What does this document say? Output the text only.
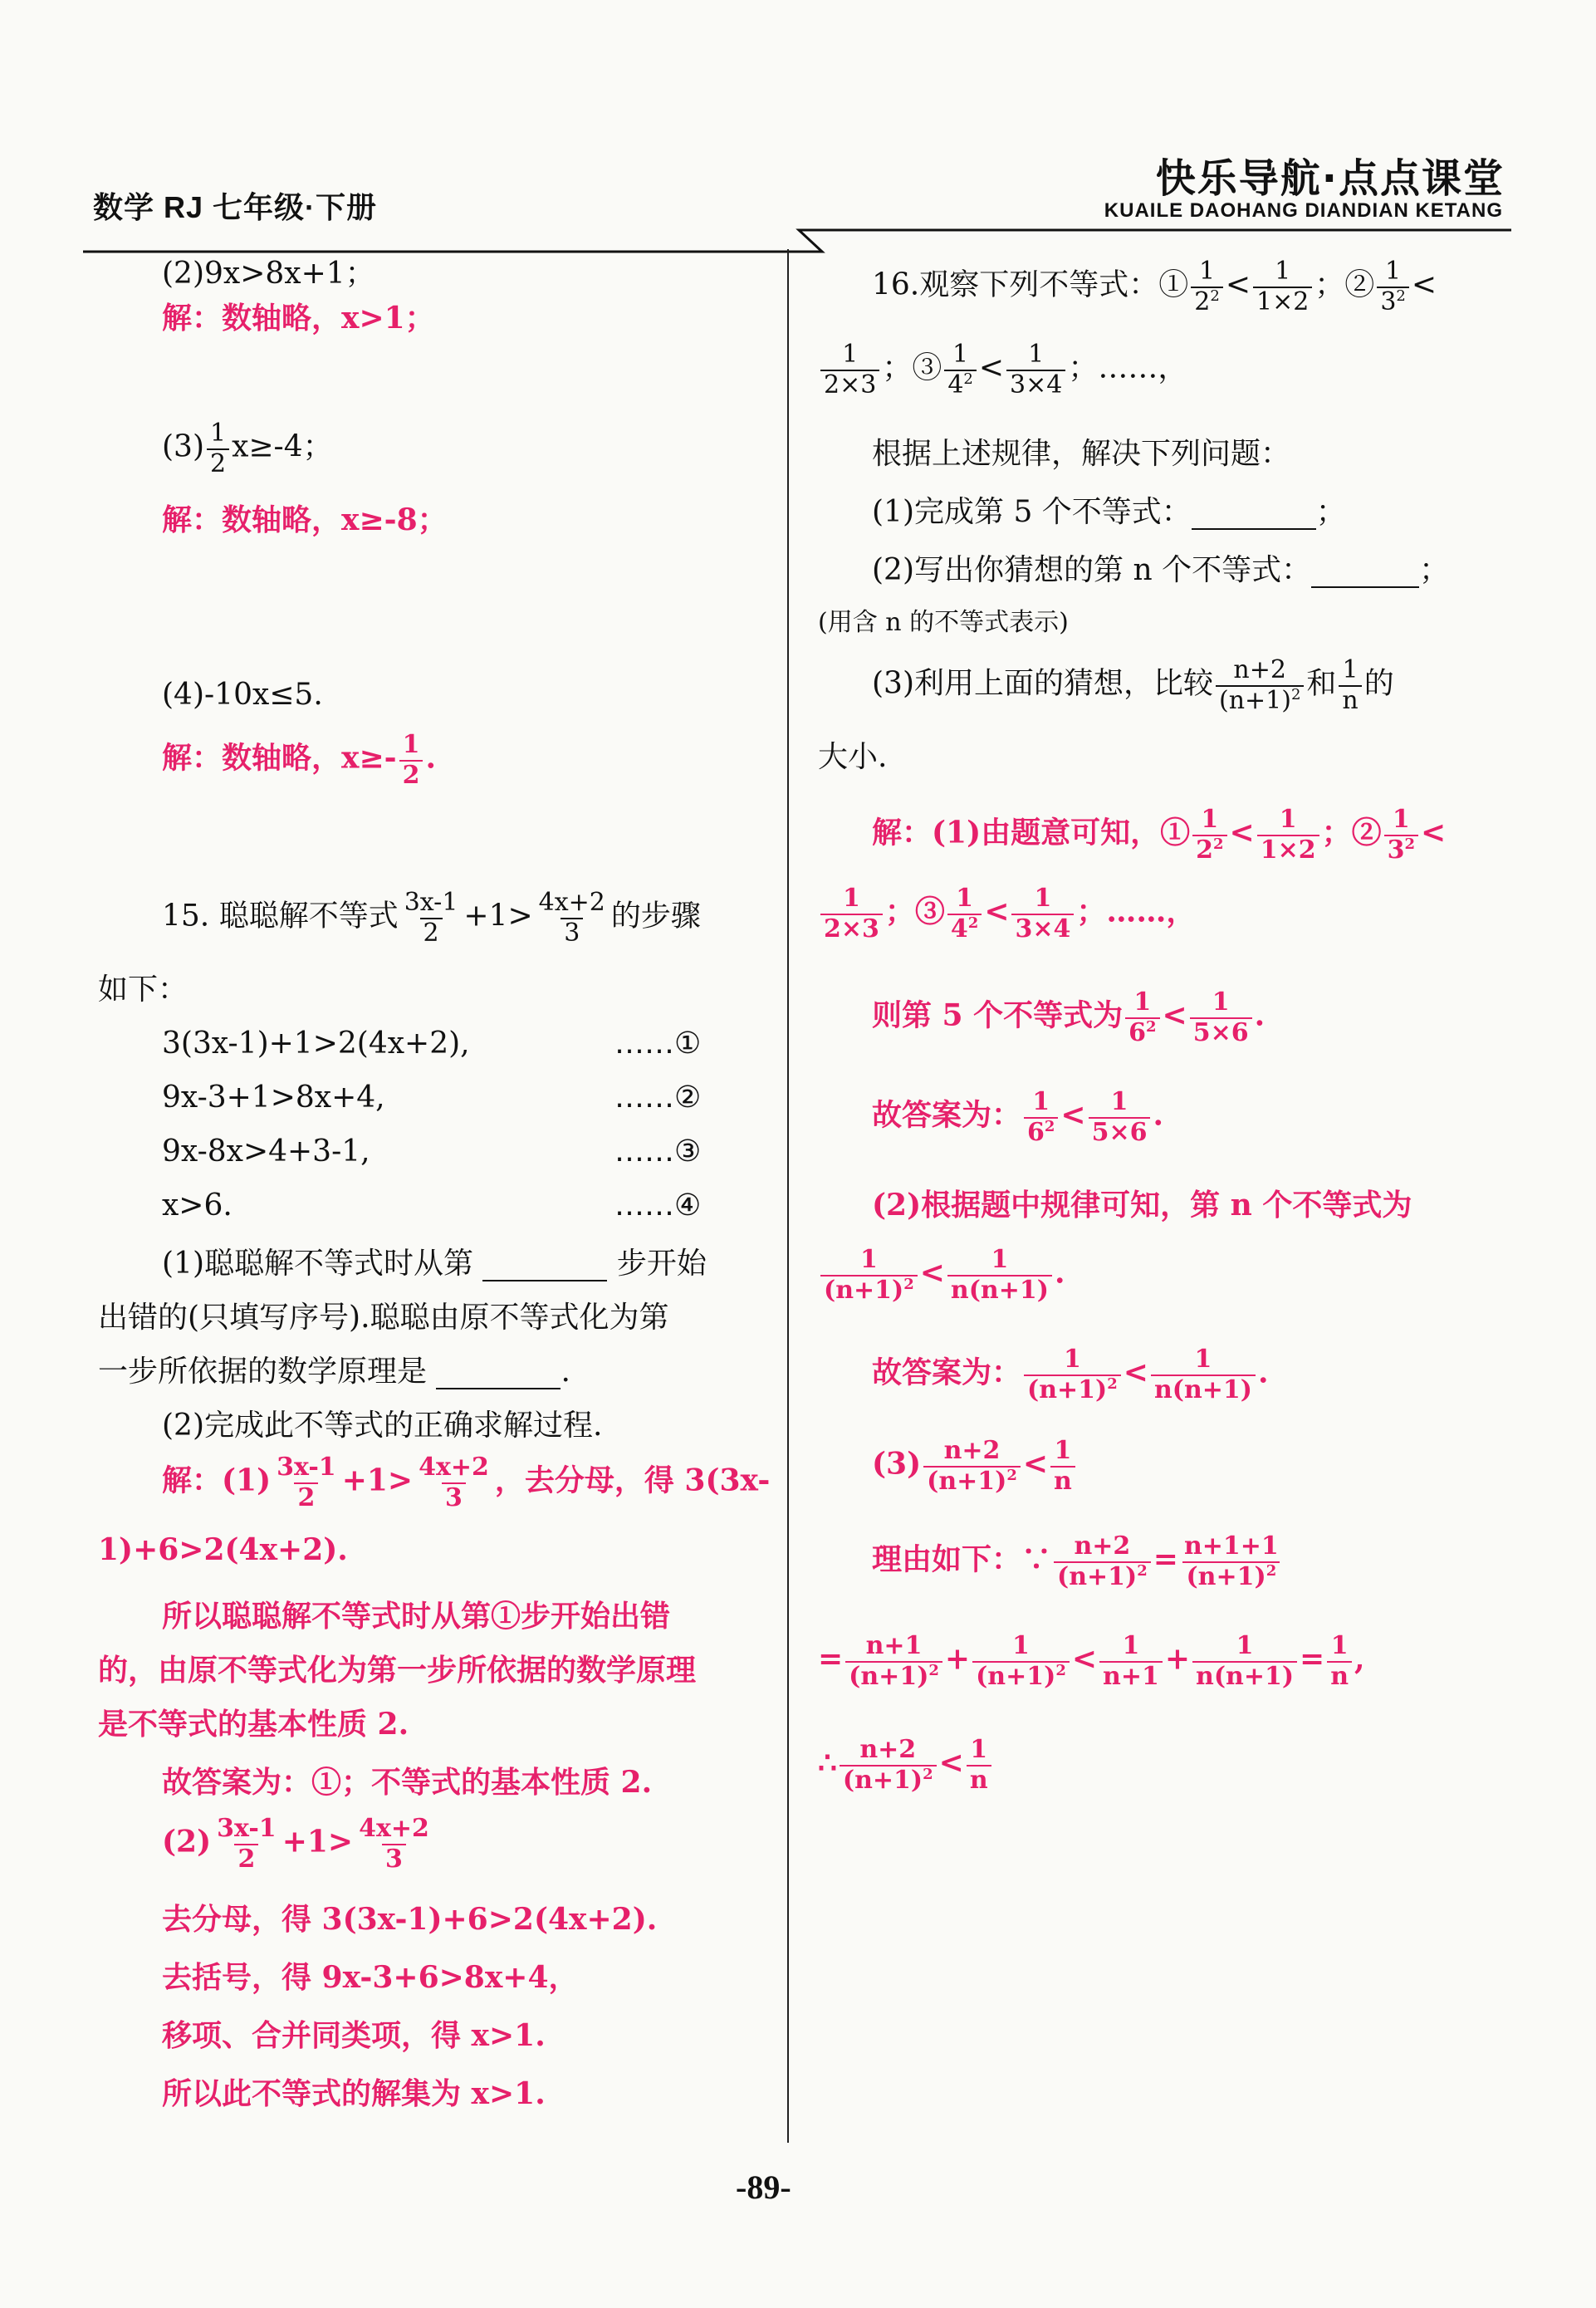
数学 RJ 七年级·下册
快乐导航·点点课堂
KUAILE DAOHANG DIANDIAN KETANG
(2)9x>8x+1；
解：数轴略，x>1；
$(3) \frac{1}{2} x\ge-4$；
解：数轴略，x≥-8；
(4)-10x≤5.
解：数轴略，$x\ge- \frac{1}{2}$ .
15. 聪聪解不等式 $\frac{3x-1}{2} +1> \frac{4x+2}{3}$ 的步骤
如下：
3(3x-1)+1>2(4x+2),	……①
9x-3+1>8x+4,	……②
9x-8x>4+3-1,	……③
x>6.	……④
(1)聪聪解不等式时从第	步开始
出错的(只填写序号).聪聪由原不等式化为第
一步所依据的数学原理是	.
(2)完成此不等式的正确求解过程.
解：$(1) \frac{3x-1}{2} +1> \frac{4x+2}{3}$ ，去分母，得 3(3x-
1)+6>2(4x+2).
所以聪聪解不等式时从第①步开始出错
的，由原不等式化为第一步所依据的数学原理
是不等式的基本性质 2.
故答案为：①；不等式的基本性质 2.
$(2) \frac{3x-1}{2} +1> \frac{4x+2}{3}$
去分母，得 3(3x-1)+6>2(4x+2).
去括号，得 9x-3+6>8x+4，
移项、合并同类项，得 x>1.
所以此不等式的解集为 x>1.
16.观察下列不等式：① $\frac{1}{2^2} < \frac{1}{1\times 2}$ ；② $\frac{1}{3^2}$ <
$\frac{1}{2\times 3}$ ；③ $\frac{1}{4^2} < \frac{1}{3\times 4}$ ；……，
根据上述规律，解决下列问题：
(1)完成第 5 个不等式：	；
(2)写出你猜想的第 n 个不等式：	；
(用含 n 的不等式表示)
(3)利用上面的猜想，比较 $\frac{n+2}{(n+1)^2}$ 和 $\frac{1}{n}$ 的
大小.
解：(1)由题意可知，① $\frac{1}{2^2} < \frac{1}{1\times 2}$ ；② $\frac{1}{3^2}$ <
$\frac{1}{2\times 3}$ ；③ $\frac{1}{4^2} < \frac{1}{3\times 4}$ ；……，
则第 5 个不等式为 $\frac{1}{6^2} < \frac{1}{5\times 6}$ .
故答案为： $\frac{1}{6^2} < \frac{1}{5\times 6}$ .
(2)根据题中规律可知，第 n 个不等式为
$\frac{1}{(n+1)^2} < \frac{1}{n(n+1)}$ .
故答案为： $\frac{1}{(n+1)^2} < \frac{1}{n(n+1)}$ .
$(3) \frac{n+2}{(n+1)^2} < \frac{1}{n}$
理由如下：∵ $\frac{n+2}{(n+1)^2} = \frac{n+1+1}{(n+1)^2}$
= $\frac{n+1}{(n+1)^2} + \frac{1}{(n+1)^2} < \frac{1}{n+1} + \frac{1}{n(n+1)} = \frac{1}{n}$ ,
∴ $\frac{n+2}{(n+1)^2} < \frac{1}{n}$
-89-
